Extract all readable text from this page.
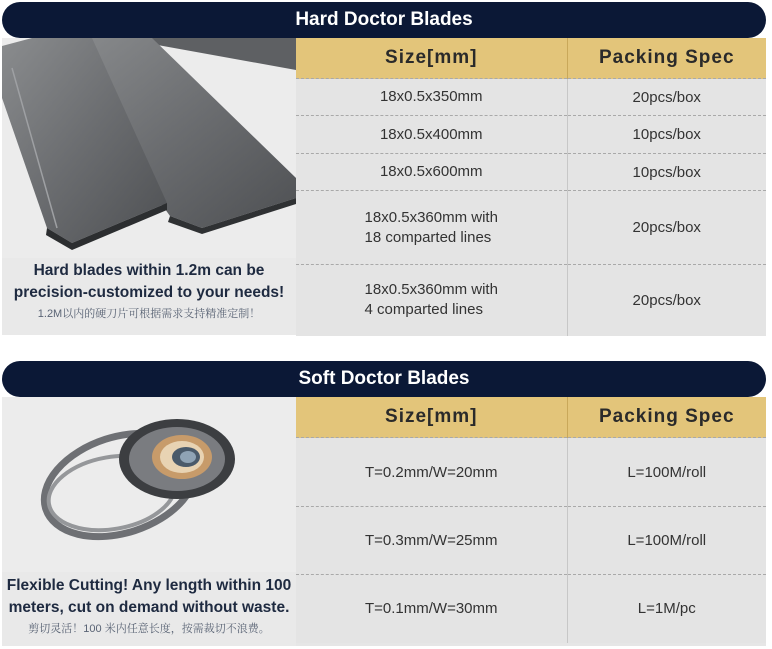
Hard Doctor Blades
Hard blades within 1.2m can be precision-customized to your needs!
1.2M以内的硬刀片可根据需求支持精准定制！
Size[mm]	Packing Spec
18x0.5x350mm	20pcs/box
18x0.5x400mm	10pcs/box
18x0.5x600mm	10pcs/box
18x0.5x360mm with
18 comparted lines	20pcs/box
18x0.5x360mm with
4 comparted lines	20pcs/box
Soft Doctor Blades
Flexible Cutting! Any length within 100 meters, cut on demand without waste.
剪切灵活！100 米内任意长度，按需裁切不浪费。
Size[mm]	Packing Spec
T=0.2mm/W=20mm	L=100M/roll
T=0.3mm/W=25mm	L=100M/roll
T=0.1mm/W=30mm	L=1M/pc
